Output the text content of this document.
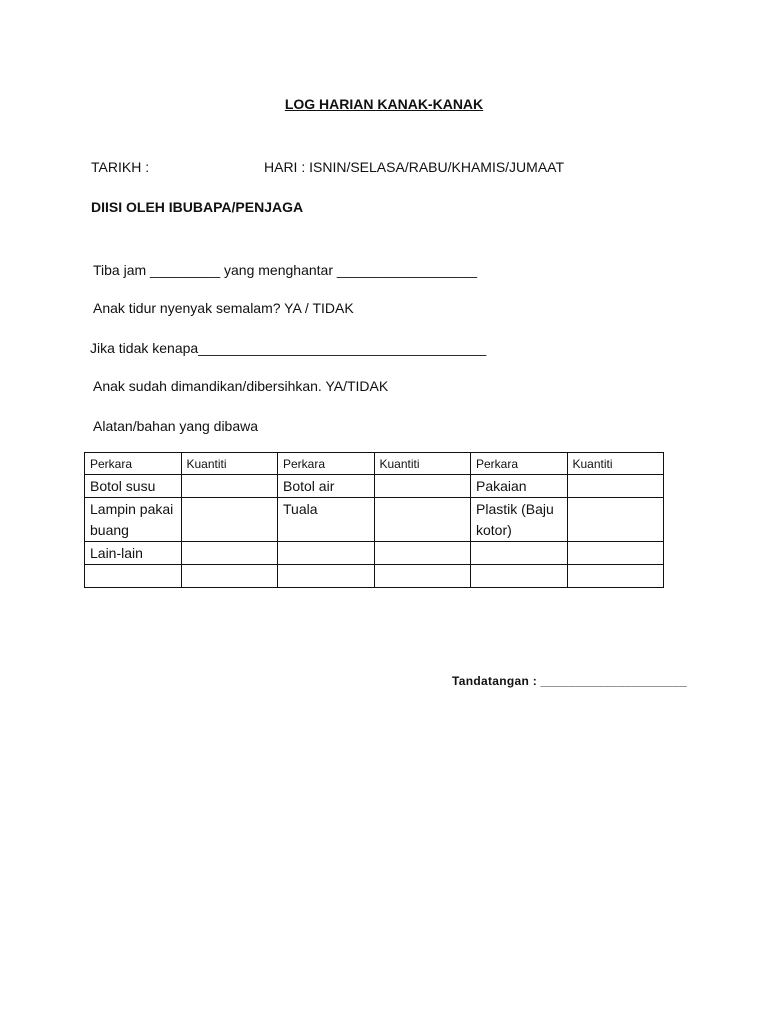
LOG HARIAN KANAK-KANAK
TARIKH :	HARI : ISNIN/SELASA/RABU/KHAMIS/JUMAAT
DIISI OLEH IBUBAPA/PENJAGA
Tiba jam _________ yang menghantar __________________
Anak tidur nyenyak semalam? YA / TIDAK
Jika tidak kenapa_____________________________________
Anak sudah dimandikan/dibersihkan. YA/TIDAK
Alatan/bahan yang dibawa
Perkara	Kuantiti	Perkara	Kuantiti	Perkara	Kuantiti
Botol susu		Botol air		Pakaian	
Lampin pakai buang		Tuala		Plastik (Baju kotor)	
Lain-lain					

Tandatangan : _____________________
